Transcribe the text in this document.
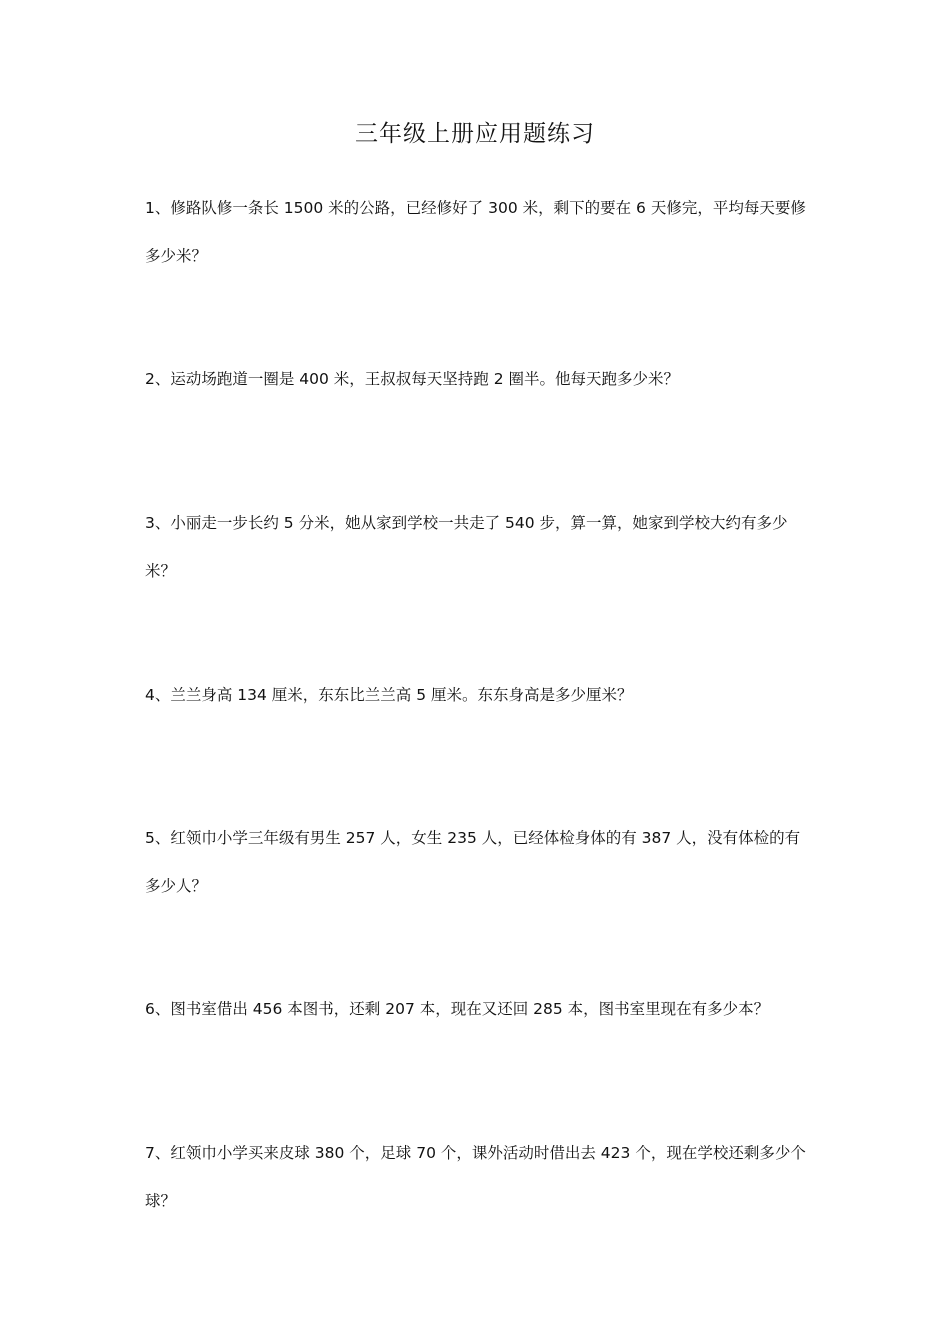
三年级上册应用题练习
1、修路队修一条长 1500 米的公路，已经修好了 300 米，剩下的要在 6 天修完，平均每天要修多少米？
2、运动场跑道一圈是 400 米，王叔叔每天坚持跑 2 圈半。他每天跑多少米？
3、小丽走一步长约 5 分米，她从家到学校一共走了 540 步，算一算，她家到学校大约有多少米？
4、兰兰身高 134 厘米，东东比兰兰高 5 厘米。东东身高是多少厘米？
5、红领巾小学三年级有男生 257 人，女生 235 人，已经体检身体的有 387 人，没有体检的有多少人？
6、图书室借出 456 本图书，还剩 207 本，现在又还回 285 本，图书室里现在有多少本？
7、红领巾小学买来皮球 380 个，足球 70 个，课外活动时借出去 423 个，现在学校还剩多少个球？
